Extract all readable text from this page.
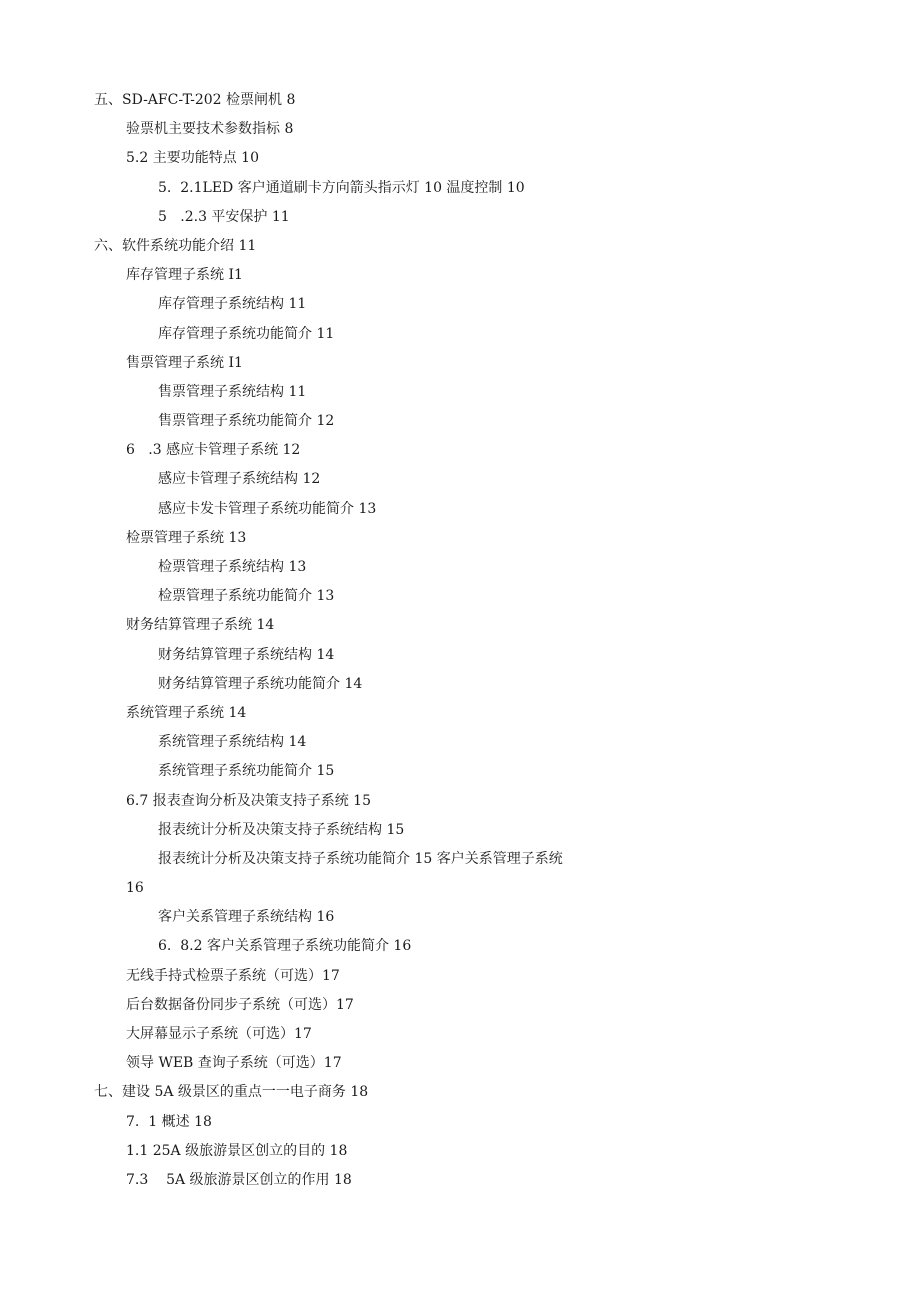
五、SD-AFC-T-202 检票闸机 8
验票机主要技术参数指标 8
5.2 主要功能特点 10
5.  2.1LED 客户通道刷卡方向箭头指示灯 10 温度控制 10
5   .2.3 平安保护 11
六、软件系统功能介绍 11
库存管理子系统 I1
库存管理子系统结构 11
库存管理子系统功能简介 11
售票管理子系统 I1
售票管理子系统结构 11
售票管理子系统功能简介 12
6   .3 感应卡管理子系统 12
感应卡管理子系统结构 12
感应卡发卡管理子系统功能简介 13
检票管理子系统 13
检票管理子系统结构 13
检票管理子系统功能简介 13
财务结算管理子系统 14
财务结算管理子系统结构 14
财务结算管理子系统功能简介 14
系统管理子系统 14
系统管理子系统结构 14
系统管理子系统功能简介 15
6.7 报表查询分析及决策支持子系统 15
报表统计分析及决策支持子系统结构 15
报表统计分析及决策支持子系统功能简介 15 客户关系管理子系统
16
客户关系管理子系统结构 16
6.  8.2 客户关系管理子系统功能简介 16
无线手持式检票子系统（可选）17
后台数据备份同步子系统（可选）17
大屏幕显示子系统（可选）17
领导 WEB 查询子系统（可选）17
七、建设 5A 级景区的重点一一电子商务 18
7.  1 概述 18
1.1 25A 级旅游景区创立的目的 18
7.3    5A 级旅游景区创立的作用 18
